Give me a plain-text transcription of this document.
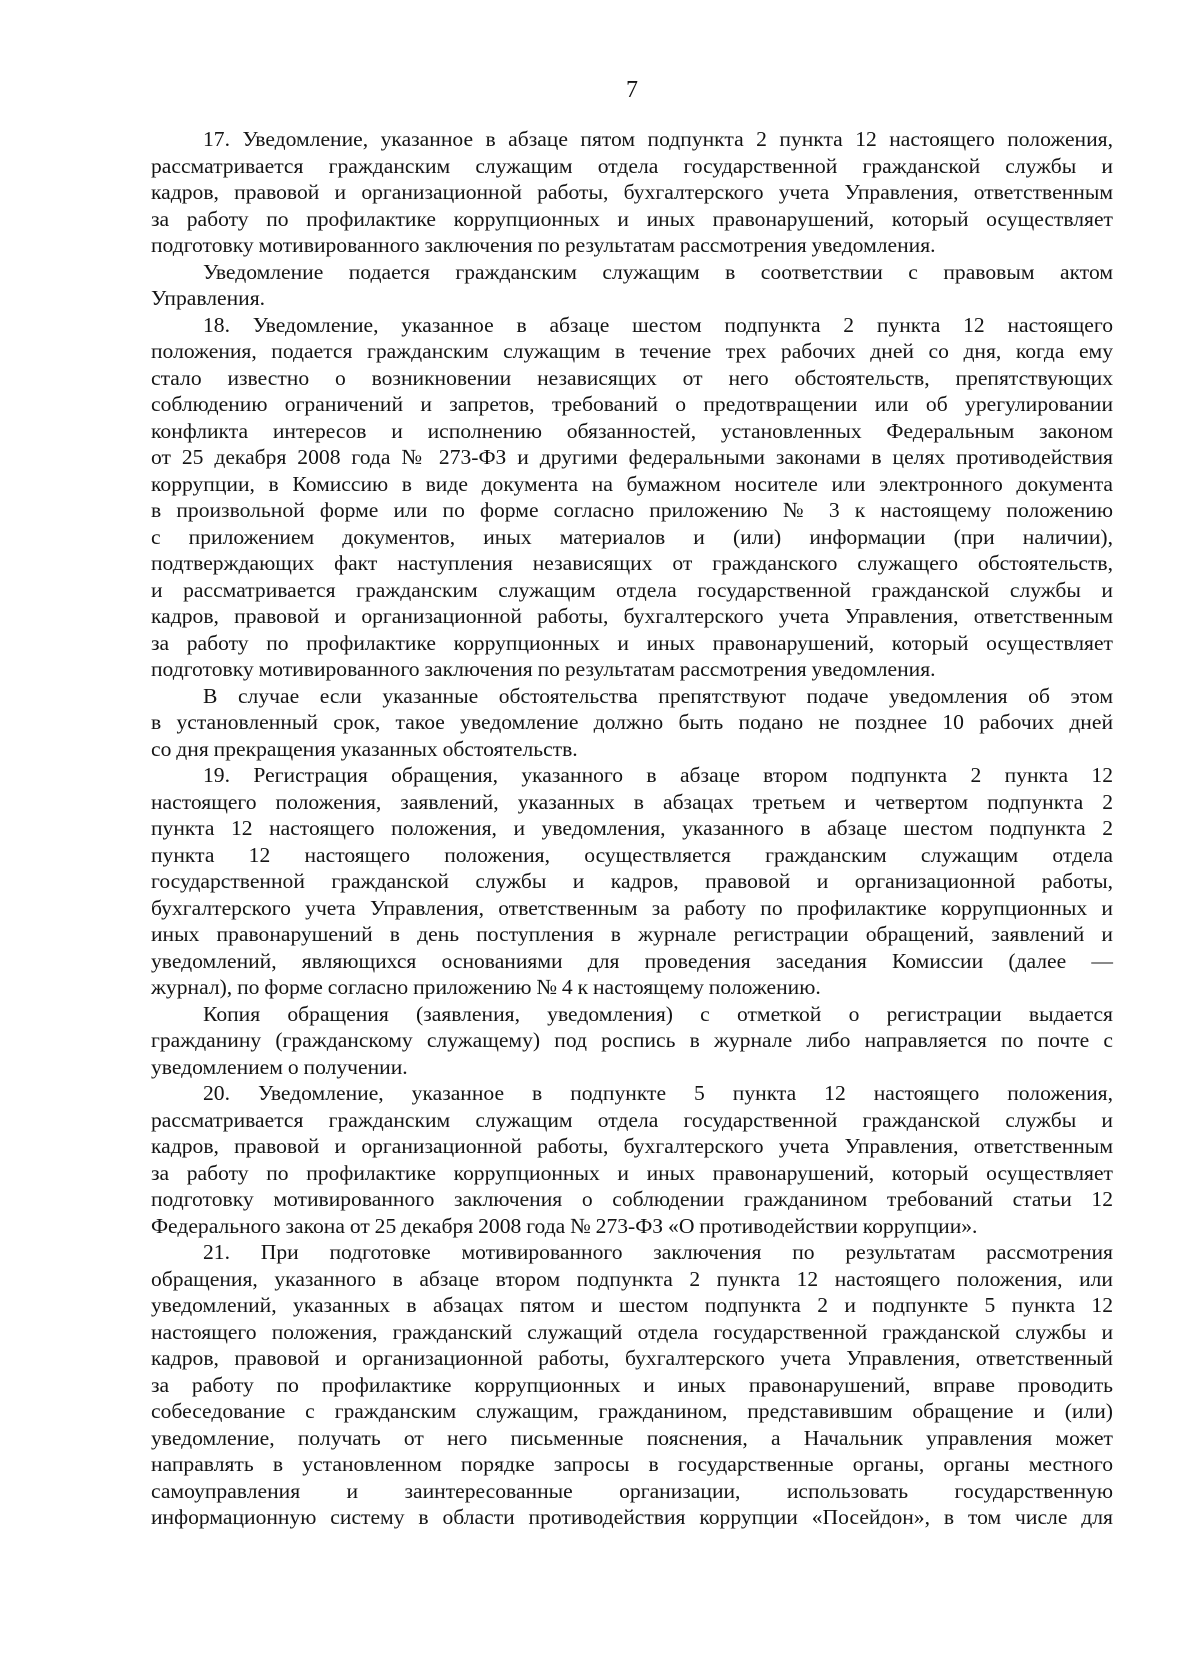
7
17. Уведомление, указанное в абзаце пятом подпункта 2 пункта 12 настоящего положения,
рассматривается гражданским служащим отдела государственной гражданской службы и
кадров, правовой и организационной работы, бухгалтерского учета Управления, ответственным
за работу по профилактике коррупционных и иных правонарушений, который осуществляет
подготовку мотивированного заключения по результатам рассмотрения уведомления.
Уведомление подается гражданским служащим в соответствии с правовым актом
Управления.
18. Уведомление, указанное в абзаце шестом подпункта 2 пункта 12 настоящего
положения, подается гражданским служащим в течение трех рабочих дней со дня, когда ему
стало известно о возникновении независящих от него обстоятельств, препятствующих
соблюдению ограничений и запретов, требований о предотвращении или об урегулировании
конфликта интересов и исполнению обязанностей, установленных Федеральным законом
от 25 декабря 2008 года № 273-ФЗ и другими федеральными законами в целях противодействия
коррупции, в Комиссию в виде документа на бумажном носителе или электронного документа
в произвольной форме или по форме согласно приложению № 3 к настоящему положению
с приложением документов, иных материалов и (или) информации (при наличии),
подтверждающих факт наступления независящих от гражданского служащего обстоятельств,
и рассматривается гражданским служащим отдела государственной гражданской службы и
кадров, правовой и организационной работы, бухгалтерского учета Управления, ответственным
за работу по профилактике коррупционных и иных правонарушений, который осуществляет
подготовку мотивированного заключения по результатам рассмотрения уведомления.
В случае если указанные обстоятельства препятствуют подаче уведомления об этом
в установленный срок, такое уведомление должно быть подано не позднее 10 рабочих дней
со дня прекращения указанных обстоятельств.
19. Регистрация обращения, указанного в абзаце втором подпункта 2 пункта 12
настоящего положения, заявлений, указанных в абзацах третьем и четвертом подпункта 2
пункта 12 настоящего положения, и уведомления, указанного в абзаце шестом подпункта 2
пункта 12 настоящего положения, осуществляется гражданским служащим отдела
государственной гражданской службы и кадров, правовой и организационной работы,
бухгалтерского учета Управления, ответственным за работу по профилактике коррупционных и
иных правонарушений в день поступления в журнале регистрации обращений, заявлений и
уведомлений, являющихся основаниями для проведения заседания Комиссии (далее —
журнал), по форме согласно приложению № 4 к настоящему положению.
Копия обращения (заявления, уведомления) с отметкой о регистрации выдается
гражданину (гражданскому служащему) под роспись в журнале либо направляется по почте с
уведомлением о получении.
20. Уведомление, указанное в подпункте 5 пункта 12 настоящего положения,
рассматривается гражданским служащим отдела государственной гражданской службы и
кадров, правовой и организационной работы, бухгалтерского учета Управления, ответственным
за работу по профилактике коррупционных и иных правонарушений, который осуществляет
подготовку мотивированного заключения о соблюдении гражданином требований статьи 12
Федерального закона от 25 декабря 2008 года № 273-ФЗ «О противодействии коррупции».
21. При подготовке мотивированного заключения по результатам рассмотрения
обращения, указанного в абзаце втором подпункта 2 пункта 12 настоящего положения, или
уведомлений, указанных в абзацах пятом и шестом подпункта 2 и подпункте 5 пункта 12
настоящего положения, гражданский служащий отдела государственной гражданской службы и
кадров, правовой и организационной работы, бухгалтерского учета Управления, ответственный
за работу по профилактике коррупционных и иных правонарушений, вправе проводить
собеседование с гражданским служащим, гражданином, представившим обращение и (или)
уведомление, получать от него письменные пояснения, а Начальник управления может
направлять в установленном порядке запросы в государственные органы, органы местного
самоуправления и заинтересованные организации, использовать государственную
информационную систему в области противодействия коррупции «Посейдон», в том числе для
